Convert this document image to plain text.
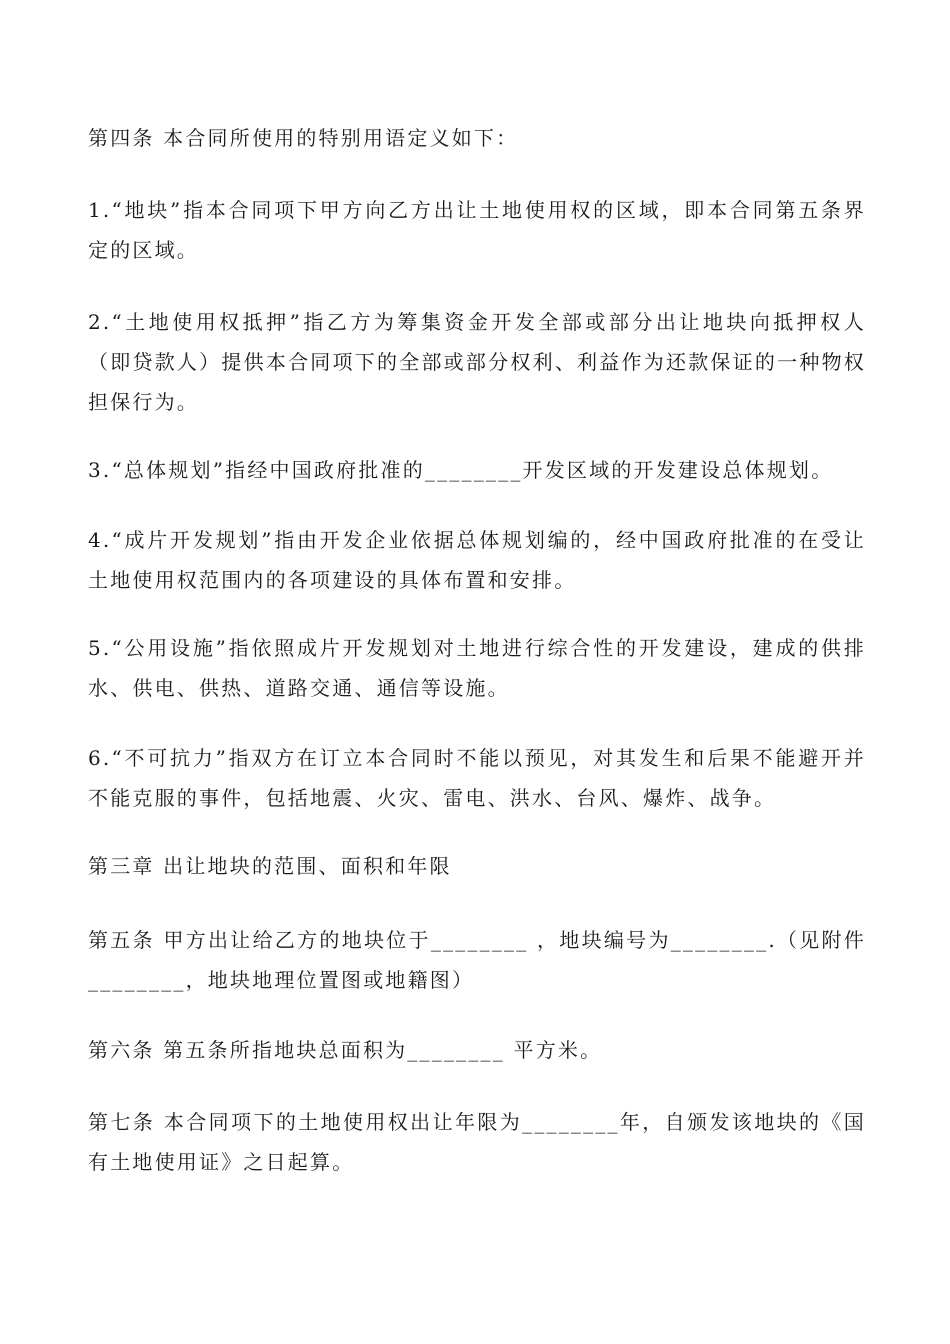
第四条 本合同所使用的特别用语定义如下：

1.“地块”指本合同项下甲方向乙方出让土地使用权的区域，即本合同第五条界定的区域。

2.“土地使用权抵押”指乙方为筹集资金开发全部或部分出让地块向抵押权人（即贷款人）提供本合同项下的全部或部分权利、利益作为还款保证的一种物权担保行为。

3.“总体规划”指经中国政府批准的________开发区域的开发建设总体规划。

4.“成片开发规划”指由开发企业依据总体规划编的，经中国政府批准的在受让土地使用权范围内的各项建设的具体布置和安排。

5.“公用设施”指依照成片开发规划对土地进行综合性的开发建设，建成的供排水、供电、供热、道路交通、通信等设施。

6.“不可抗力”指双方在订立本合同时不能以预见，对其发生和后果不能避开并不能克服的事件，包括地震、火灾、雷电、洪水、台风、爆炸、战争。

第三章 出让地块的范围、面积和年限

第五条 甲方出让给乙方的地块位于________ ，地块编号为________.（见附件________，地块地理位置图或地籍图）

第六条 第五条所指地块总面积为________ 平方米。

第七条 本合同项下的土地使用权出让年限为________年，自颁发该地块的《国有土地使用证》之日起算。
